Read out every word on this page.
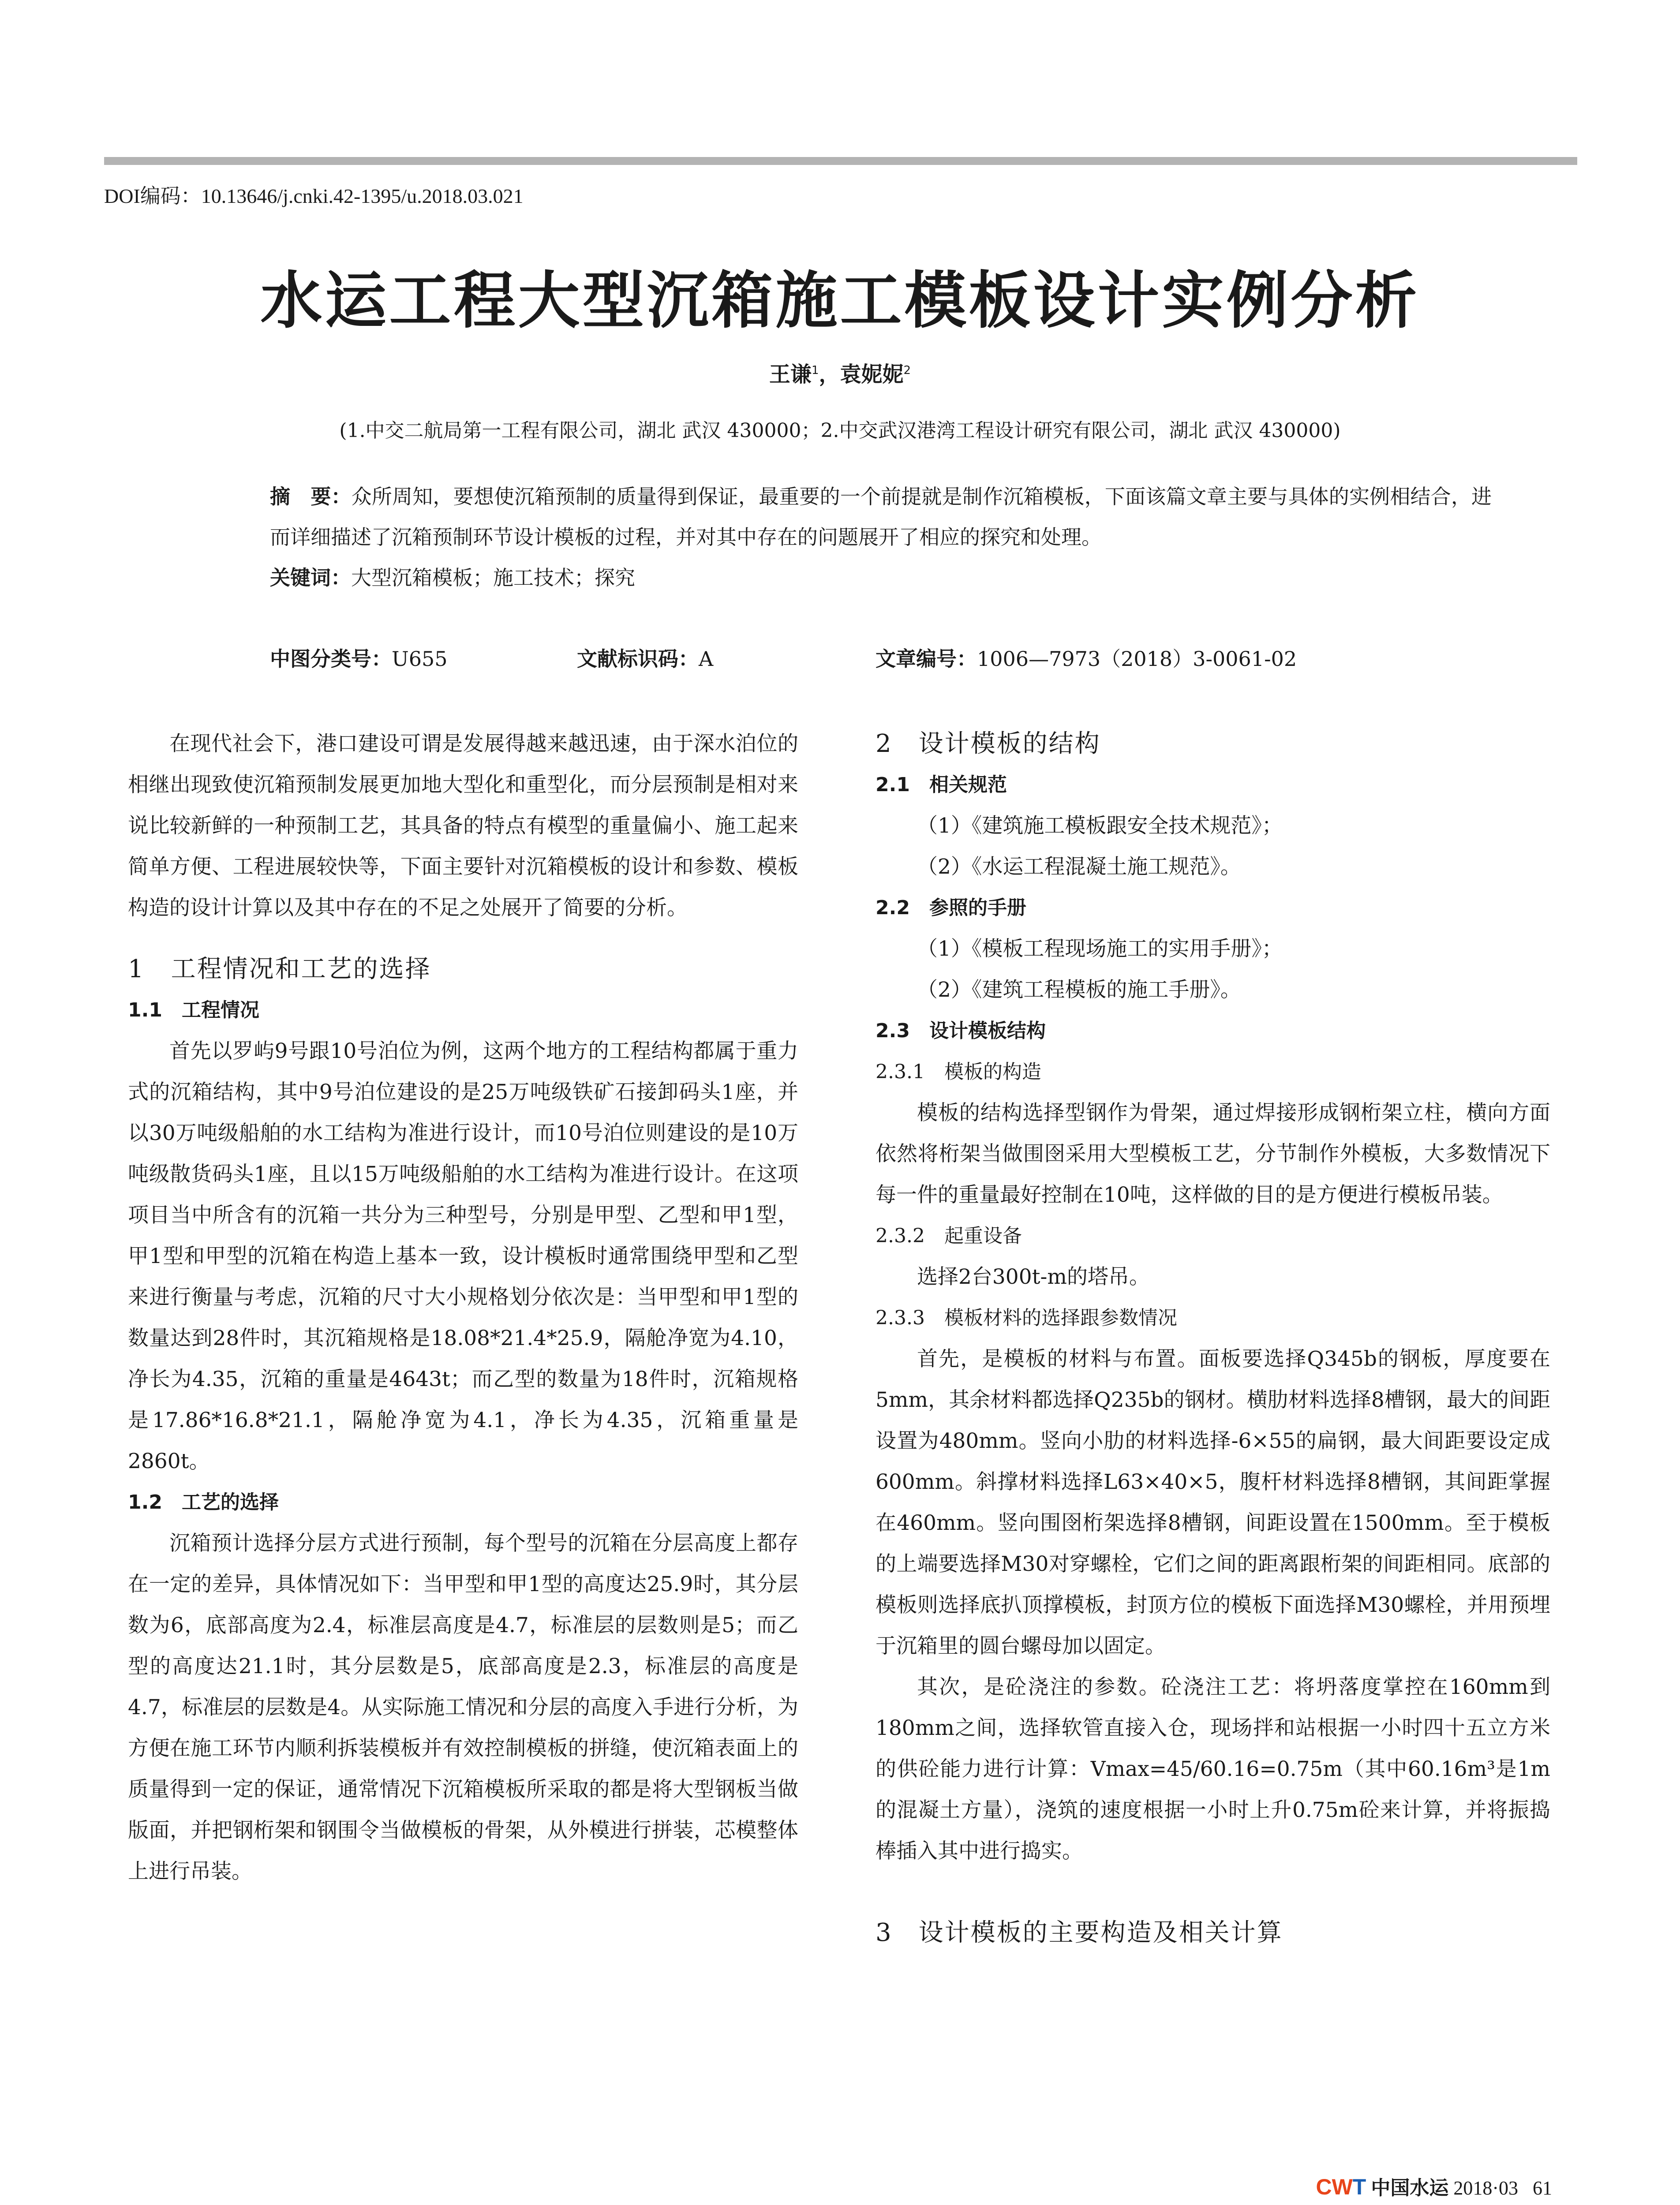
DOI编码：10.13646/j.cnki.42-1395/u.2018.03.021
水运工程大型沉箱施工模板设计实例分析
王谦$^1$，袁妮妮$^2$
(1.中交二航局第一工程有限公司，湖北 武汉 430000；2.中交武汉港湾工程设计研究有限公司，湖北 武汉 430000)
摘　要：众所周知，要想使沉箱预制的质量得到保证，最重要的一个前提就是制作沉箱模板，下面该篇文章主要与具体的实例相结合，进而详细描述了沉箱预制环节设计模板的过程，并对其中存在的问题展开了相应的探究和处理。
关键词：大型沉箱模板；施工技术；探究
中图分类号：U655	文献标识码：A	文章编号：1006—7973（2018）3-0061-02

在现代社会下，港口建设可谓是发展得越来越迅速，由于深水泊位的相继出现致使沉箱预制发展更加地大型化和重型化，而分层预制是相对来说比较新鲜的一种预制工艺，其具备的特点有模型的重量偏小、施工起来简单方便、工程进展较快等，下面主要针对沉箱模板的设计和参数、模板构造的设计计算以及其中存在的不足之处展开了简要的分析。

1　工程情况和工艺的选择
1.1　工程情况

首先以罗屿9号跟10号泊位为例，这两个地方的工程结构都属于重力式的沉箱结构，其中9号泊位建设的是25万吨级铁矿石接卸码头1座，并以30万吨级船舶的水工结构为准进行设计，而10号泊位则建设的是10万吨级散货码头1座，且以15万吨级船舶的水工结构为准进行设计。在这项项目当中所含有的沉箱一共分为三种型号，分别是甲型、乙型和甲1型，甲1型和甲型的沉箱在构造上基本一致，设计模板时通常围绕甲型和乙型来进行衡量与考虑，沉箱的尺寸大小规格划分依次是：当甲型和甲1型的数量达到28件时，其沉箱规格是18.08*21.4*25.9，隔舱净宽为4.10，净长为4.35，沉箱的重量是4643t；而乙型的数量为18件时，沉箱规格是17.86*16.8*21.1，隔舱净宽为4.1，净长为4.35，沉箱重量是2860t。

1.2　工艺的选择

沉箱预计选择分层方式进行预制，每个型号的沉箱在分层高度上都存在一定的差异，具体情况如下：当甲型和甲1型的高度达25.9时，其分层数为6，底部高度为2.4，标准层高度是4.7，标准层的层数则是5；而乙型的高度达21.1时，其分层数是5，底部高度是2.3，标准层的高度是4.7，标准层的层数是4。从实际施工情况和分层的高度入手进行分析，为方便在施工环节内顺利拆装模板并有效控制模板的拼缝，使沉箱表面上的质量得到一定的保证，通常情况下沉箱模板所采取的都是将大型钢板当做版面，并把钢桁架和钢围令当做模板的骨架，从外模进行拼装，芯模整体上进行吊装。

2　设计模板的结构
2.1　相关规范

（1）《建筑施工模板跟安全技术规范》；

（2）《水运工程混凝土施工规范》。

2.2　参照的手册

（1）《模板工程现场施工的实用手册》；

（2）《建筑工程模板的施工手册》。

2.3　设计模板结构
2.3.1　模板的构造

模板的结构选择型钢作为骨架，通过焊接形成钢桁架立柱，横向方面依然将桁架当做围囹采用大型模板工艺，分节制作外模板，大多数情况下每一件的重量最好控制在10吨，这样做的目的是方便进行模板吊装。

2.3.2　起重设备

选择2台300t-m的塔吊。

2.3.3　模板材料的选择跟参数情况

首先，是模板的材料与布置。面板要选择Q345b的钢板，厚度要在5mm，其余材料都选择Q235b的钢材。横肋材料选择8槽钢，最大的间距设置为480mm。竖向小肋的材料选择-6×55的扁钢，最大间距要设定成600mm。斜撑材料选择L63×40×5，腹杆材料选择8槽钢，其间距掌握在460mm。竖向围囹桁架选择8槽钢，间距设置在1500mm。至于模板的上端要选择M30对穿螺栓，它们之间的距离跟桁架的间距相同。底部的模板则选择底扒顶撑模板，封顶方位的模板下面选择M30螺栓，并用预埋于沉箱里的圆台螺母加以固定。

其次，是砼浇注的参数。砼浇注工艺：将坍落度掌控在160mm到180mm之间，选择软管直接入仓，现场拌和站根据一小时四十五立方米的供砼能力进行计算：Vmax=45/60.16=0.75m（其中60.16m³是1m的混凝土方量），浇筑的速度根据一小时上升0.75m砼来计算，并将振捣棒插入其中进行捣实。

3　设计模板的主要构造及相关计算
CWT 中国水运 2018·03 61
